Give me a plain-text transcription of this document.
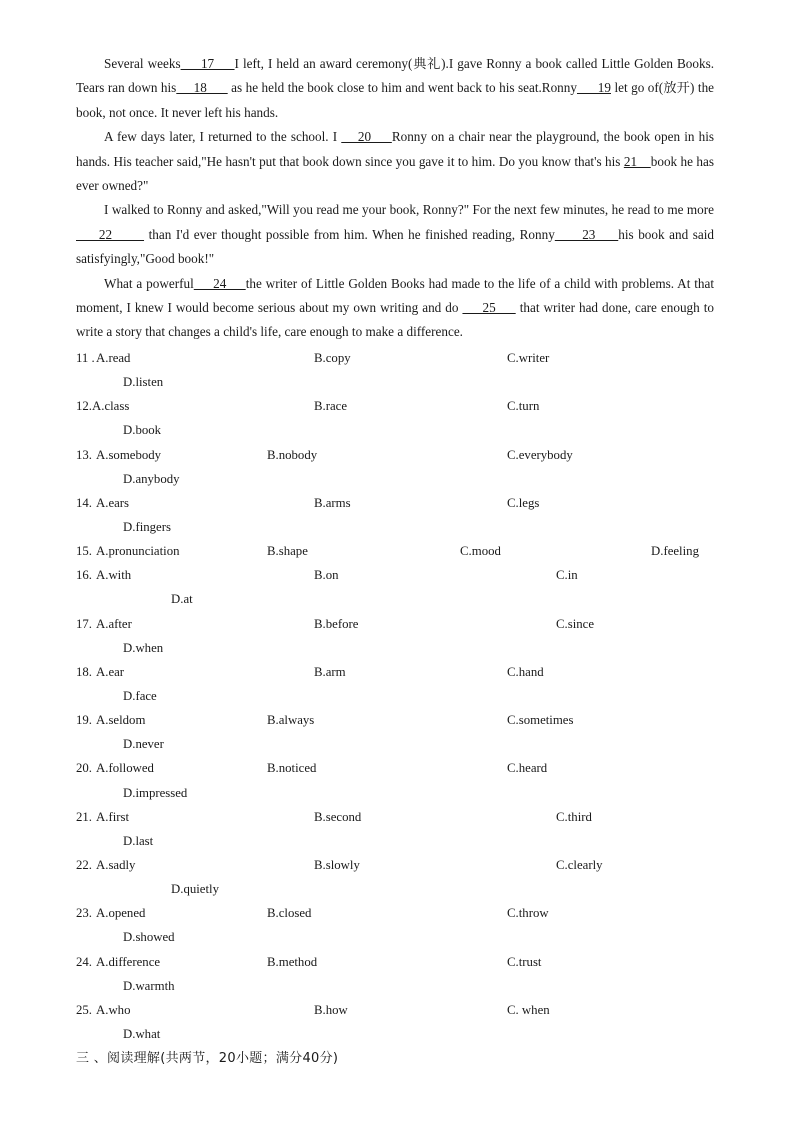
Several weeks     17     I left, I held an award ceremony(典礼).I gave Ronny a book called Little Golden Books. Tears ran down his     18       as he held the book close to him and went back to his seat.Ronny      19 let go of(放开) the book, not once. It never left his hands.

A few days later, I returned to the school. I     20     Ronny on a chair near the playground, the book open in his hands. His teacher said,"He hasn't put that book down since you gave it to him. Do you know that's his 21    book he has ever owned?"

I walked to Ronny and asked,"Will you read me your book, Ronny?" For the next few minutes, he read to me more     22        than I'd ever thought possible from him. When he finished reading, Ronny      23     his book and said satisfyingly,"Good book!"

What a powerful     24     the writer of Little Golden Books had made to the life of a child with problems. At that moment, I knew I would become serious about my own writing and do      25      that writer had done, care enough to write a story that changes a child's life, care enough to make a difference.

11 . A.read	B.copy	C.writer
D.listen
12. A.class	B.race	C.turn
D.book
13. A.somebody	B.nobody	C.everybody
D.anybody
14. A.ears	B.arms	C.legs
D.fingers
15. A.pronunciation	B.shape	C.mood	D.feeling
16. A.with	B.on	C.in
D.at
17. A.after	B.before	C.since
D.when
18. A.ear	B.arm	C.hand
D.face
19. A.seldom	B.always	C.sometimes
D.never
20. A.followed	B.noticed	C.heard
D.impressed
21. A.first	B.second	C.third
D.last
22. A.sadly	B.slowly	C.clearly
D.quietly
23. A.opened	B.closed	C.throw
D.showed
24. A.difference	B.method	C.trust
D.warmth
25. A.who	B.how	C. when
D.what
三 、阅读理解(共两节，20小题；满分40分)
